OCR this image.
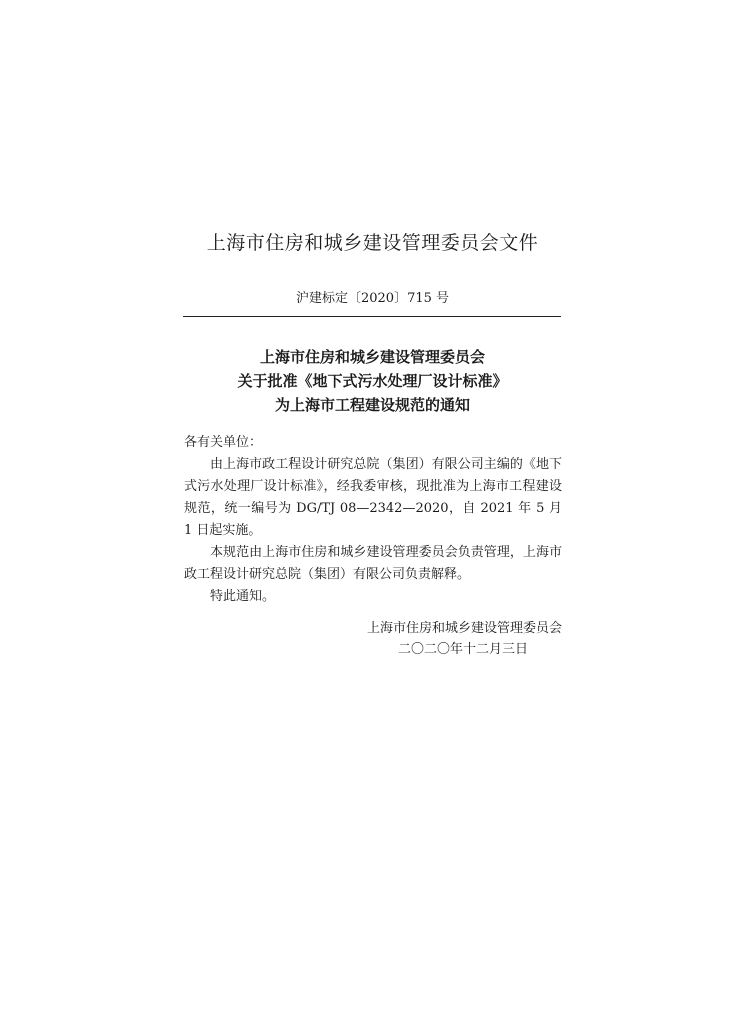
上海市住房和城乡建设管理委员会文件
沪建标定〔2020〕715 号
上海市住房和城乡建设管理委员会
关于批准《地下式污水处理厂设计标准》
为上海市工程建设规范的通知

各有关单位：

由上海市政工程设计研究总院（集团）有限公司主编的《地下式污水处理厂设计标准》，经我委审核，现批准为上海市工程建设规范，统一编号为 DG/TJ 08—2342—2020，自 2021 年 5 月 1 日起实施。

本规范由上海市住房和城乡建设管理委员会负责管理，上海市政工程设计研究总院（集团）有限公司负责解释。

特此通知。

上海市住房和城乡建设管理委员会
二〇二〇年十二月三日
